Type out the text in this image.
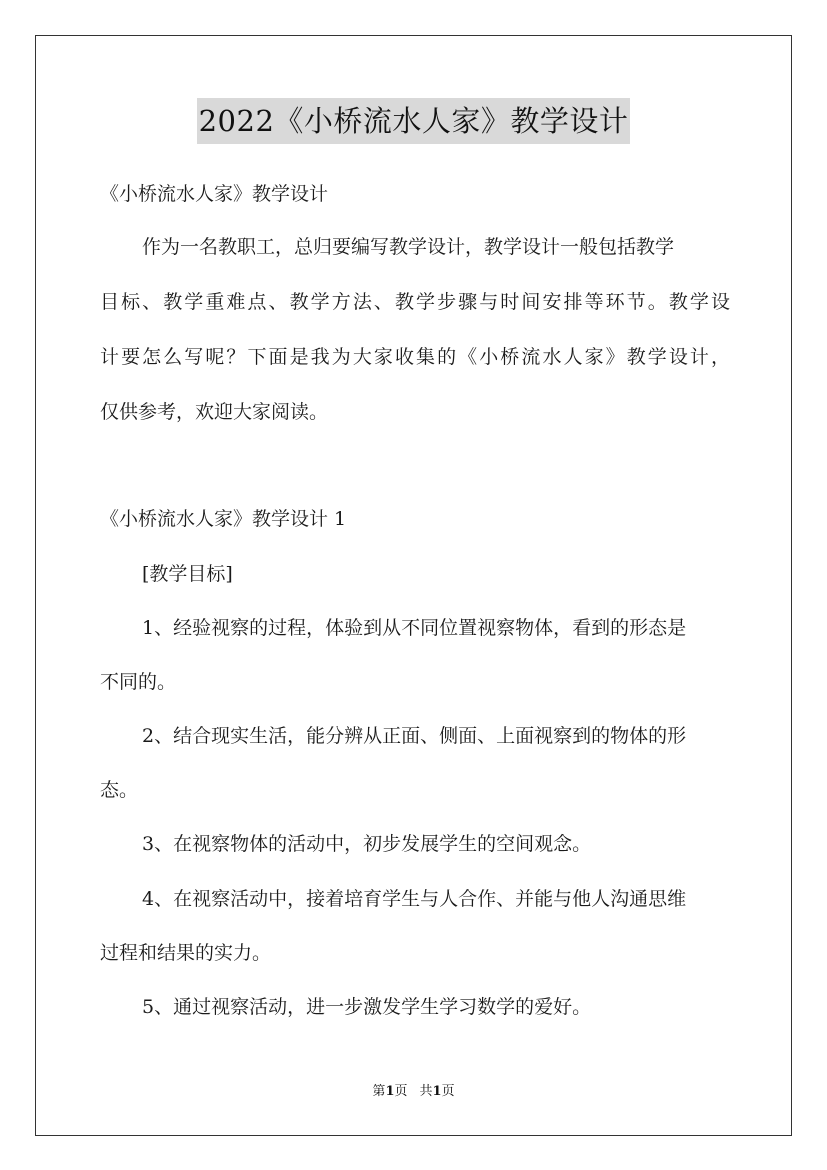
2022《小桥流水人家》教学设计
《小桥流水人家》教学设计
作为一名教职工，总归要编写教学设计，教学设计一般包括教学
目标、教学重难点、教学方法、教学步骤与时间安排等环节。教学设
计要怎么写呢？下面是我为大家收集的《小桥流水人家》教学设计，
仅供参考，欢迎大家阅读。
《小桥流水人家》教学设计 1
[教学目标]
1、经验视察的过程，体验到从不同位置视察物体，看到的形态是
不同的。
2、结合现实生活，能分辨从正面、侧面、上面视察到的物体的形
态。
3、在视察物体的活动中，初步发展学生的空间观念。
4、在视察活动中，接着培育学生与人合作、并能与他人沟通思维
过程和结果的实力。
5、通过视察活动，进一步激发学生学习数学的爱好。
第1页 共1页
